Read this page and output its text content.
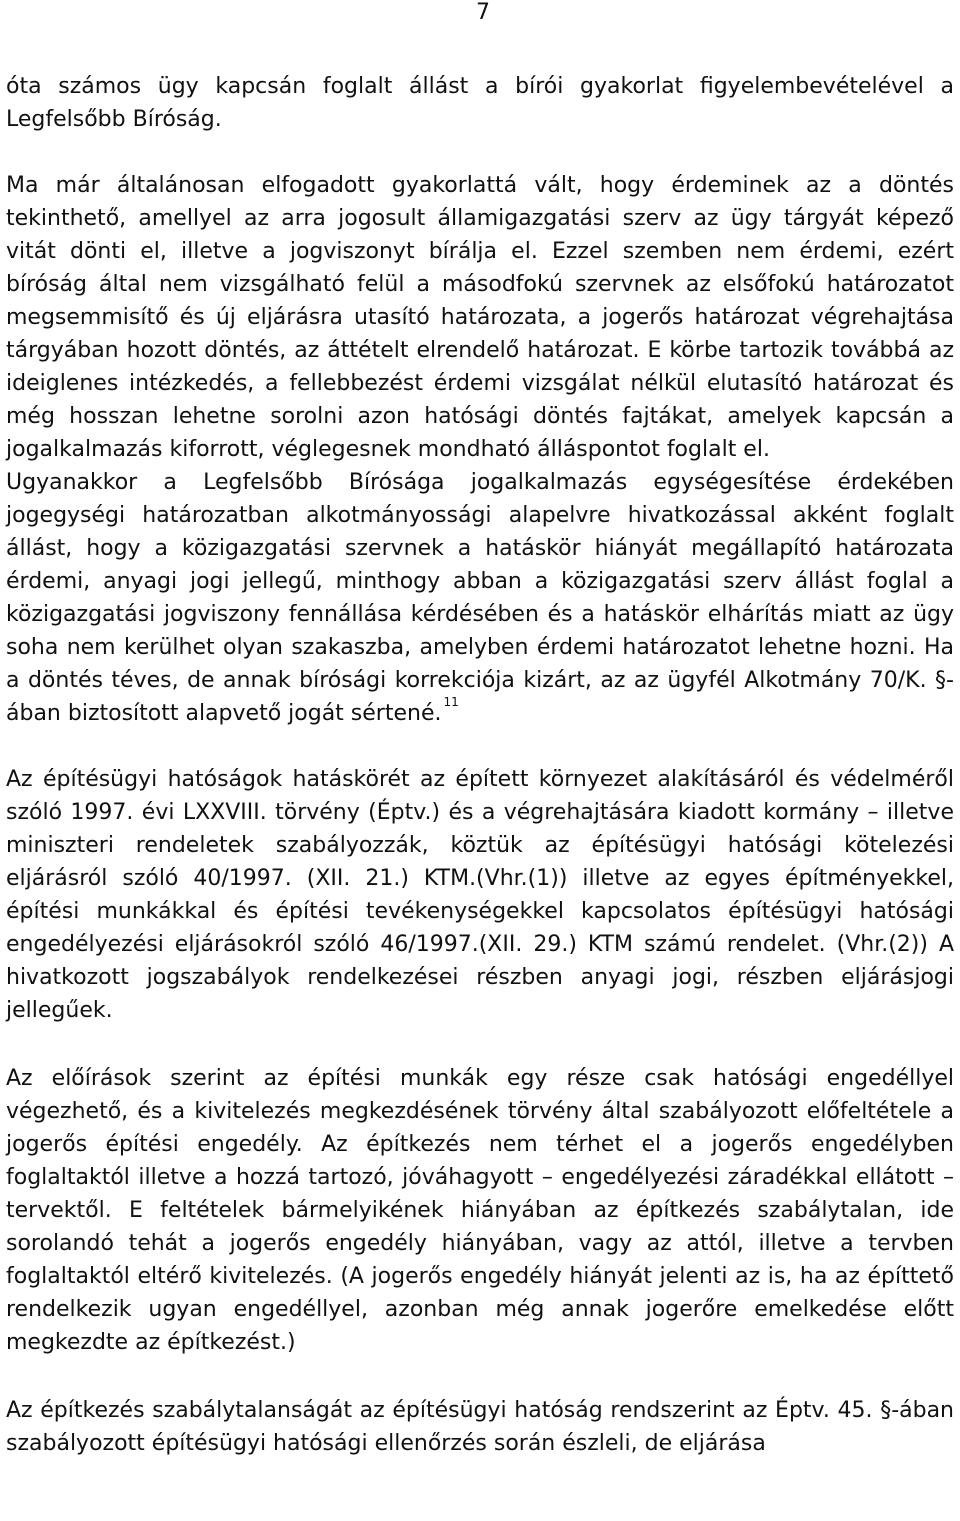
7

óta számos ügy kapcsán foglalt állást a bírói gyakorlat figyelembevételével a Legfelsőbb Bíróság.

Ma már általánosan elfogadott gyakorlattá vált, hogy érdeminek az a döntés tekinthető, amellyel az arra jogosult államigazgatási szerv az ügy tárgyát képező vitát dönti el, illetve a jogviszonyt bírálja el. Ezzel szemben nem érdemi, ezért bíróság által nem vizsgálható felül a másodfokú szervnek az elsőfokú határozatot megsemmisítő és új eljárásra utasító határozata, a jogerős határozat végrehajtása tárgyában hozott döntés, az áttételt elrendelő határozat. E körbe tartozik továbbá az ideiglenes intézkedés, a fellebbezést érdemi vizsgálat nélkül elutasító határozat és még hosszan lehetne sorolni azon hatósági döntés fajtákat, amelyek kapcsán a jogalkalmazás kiforrott, véglegesnek mondható álláspontot foglalt el.

Ugyanakkor a Legfelsőbb Bírósága jogalkalmazás egységesítése érdekében jogegységi határozatban alkotmányossági alapelvre hivatkozással akként foglalt állást, hogy a közigazgatási szervnek a hatáskör hiányát megállapító határozata érdemi, anyagi jogi jellegű, minthogy abban a közigazgatási szerv állást foglal a közigazgatási jogviszony fennállása kérdésében és a hatáskör elhárítás miatt az ügy soha nem kerülhet olyan szakaszba, amelyben érdemi határozatot lehetne hozni. Ha a döntés téves, de annak bírósági korrekciója kizárt, az az ügyfél Alkotmány 70/K. §-ában biztosított alapvető jogát sértené. $^{11}$

Az építésügyi hatóságok hatáskörét az épített környezet alakításáról és védelméről szóló 1997. évi LXXVIII. törvény (Éptv.) és a végrehajtására kiadott kormány – illetve miniszteri rendeletek szabályozzák, köztük az építésügyi hatósági kötelezési eljárásról szóló 40/1997. (XII. 21.) KTM.(Vhr.(1)) illetve az egyes építményekkel, építési munkákkal és építési tevékenységekkel kapcsolatos építésügyi hatósági engedélyezési eljárásokról szóló 46/1997.(XII. 29.) KTM számú rendelet. (Vhr.(2)) A hivatkozott jogszabályok rendelkezései részben anyagi jogi, részben eljárásjogi jellegűek.

Az előírások szerint az építési munkák egy része csak hatósági engedéllyel végezhető, és a kivitelezés megkezdésének törvény által szabályozott előfeltétele a jogerős építési engedély. Az építkezés nem térhet el a jogerős engedélyben foglaltaktól illetve a hozzá tartozó, jóváhagyott – engedélyezési záradékkal ellátott – tervektől. E feltételek bármelyikének hiányában az építkezés szabálytalan, ide sorolandó tehát a jogerős engedély hiányában, vagy az attól, illetve a tervben foglaltaktól eltérő kivitelezés. (A jogerős engedély hiányát jelenti az is, ha az építtető rendelkezik ugyan engedéllyel, azonban még annak jogerőre emelkedése előtt megkezdte az építkezést.)

Az építkezés szabálytalanságát az építésügyi hatóság rendszerint az Éptv. 45. §-ában szabályozott építésügyi hatósági ellenőrzés során észleli, de eljárása
